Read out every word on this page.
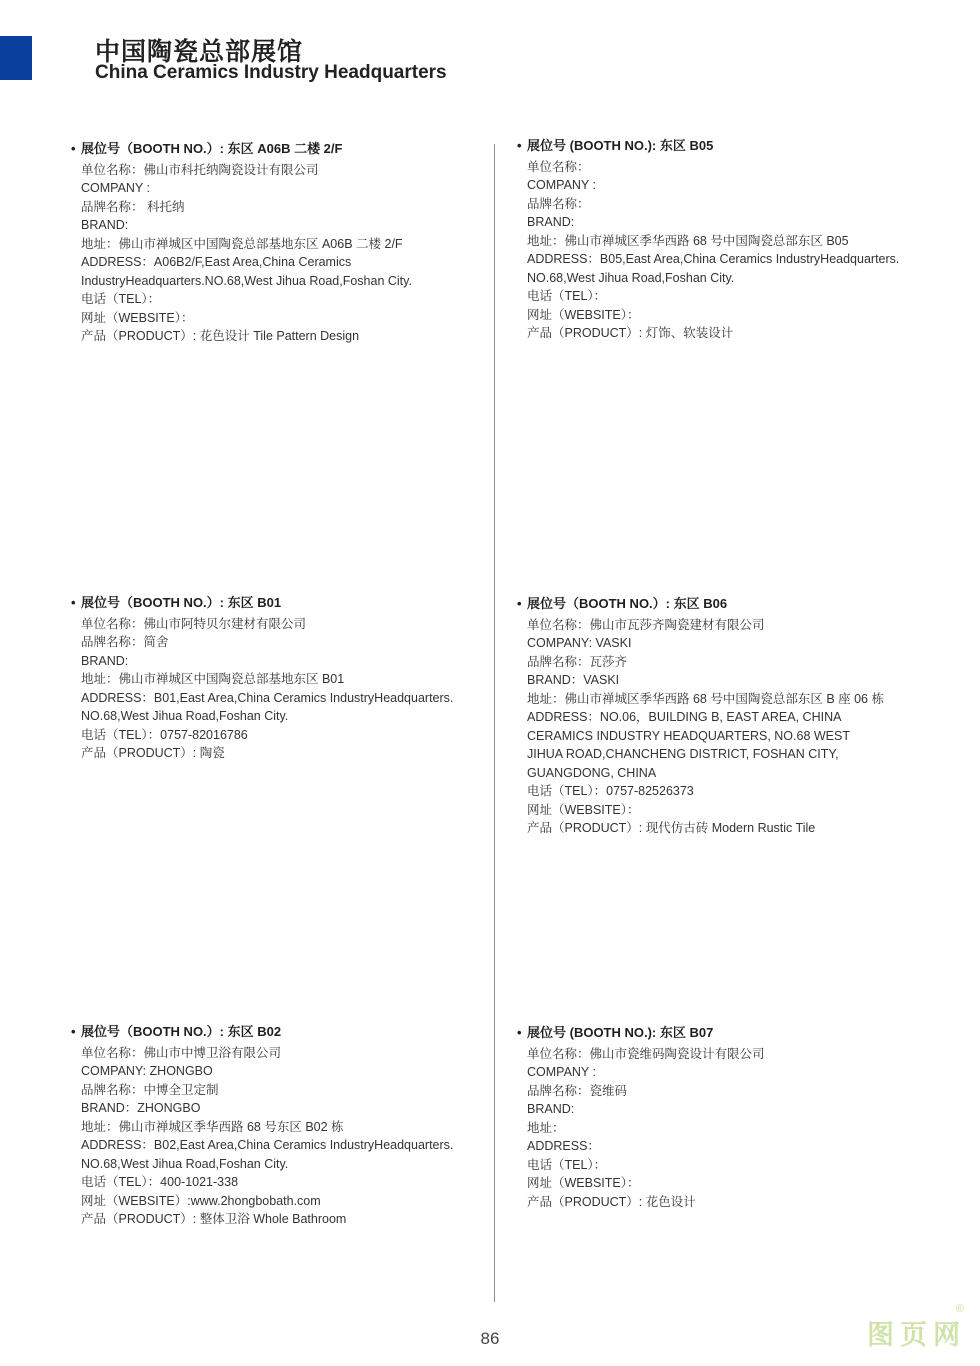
中国陶瓷总部展馆
China Ceramics Industry Headquarters
• 展位号（BOOTH NO.）: 东区 A06B 二楼 2/F
单位名称：佛山市科托纳陶瓷设计有限公司
COMPANY :
品牌名称： 科托纳
BRAND:
地址：佛山市禅城区中国陶瓷总部基地东区 A06B 二楼 2/F
ADDRESS：A06B2/F,East Area,China Ceramics IndustryHeadquarters.NO.68,West Jihua Road,Foshan City.
电话（TEL）：
网址（WEBSITE）：
产品（PRODUCT）: 花色设计 Tile Pattern Design
• 展位号 (BOOTH NO.): 东区 B05
单位名称：
COMPANY :
品牌名称：
BRAND:
地址：佛山市禅城区季华西路 68 号中国陶瓷总部东区 B05
ADDRESS：B05,East Area,China Ceramics IndustryHeadquarters. NO.68,West Jihua Road,Foshan City.
电话（TEL）：
网址（WEBSITE）：
产品（PRODUCT）: 灯饰、软装设计
• 展位号（BOOTH NO.）: 东区 B01
单位名称：佛山市阿特贝尔建材有限公司
品牌名称：简舍
BRAND:
地址：佛山市禅城区中国陶瓷总部基地东区 B01
ADDRESS：B01,East Area,China Ceramics IndustryHeadquarters. NO.68,West Jihua Road,Foshan City.
电话（TEL）：0757-82016786
产品（PRODUCT）: 陶瓷
• 展位号（BOOTH NO.）: 东区 B06
单位名称：佛山市瓦莎齐陶瓷建材有限公司
COMPANY: VASKI
品牌名称：瓦莎齐
BRAND：VASKI
地址：佛山市禅城区季华西路 68 号中国陶瓷总部东区 B 座 06 栋
ADDRESS：NO.06，BUILDING B, EAST AREA, CHINA CERAMICS INDUSTRY HEADQUARTERS, NO.68 WEST JIHUA ROAD,CHANCHENG DISTRICT, FOSHAN CITY, GUANGDONG, CHINA
电话（TEL）：0757-82526373
网址（WEBSITE）：
产品（PRODUCT）: 现代仿古砖 Modern Rustic Tile
• 展位号（BOOTH NO.）: 东区 B02
单位名称：佛山市中博卫浴有限公司
COMPANY: ZHONGBO
品牌名称：中博全卫定制
BRAND：ZHONGBO
地址：佛山市禅城区季华西路 68 号东区 B02 栋
ADDRESS：B02,East Area,China Ceramics IndustryHeadquarters. NO.68,West Jihua Road,Foshan City.
电话（TEL）：400-1021-338
网址（WEBSITE）:www.2hongbobath.com
产品（PRODUCT）: 整体卫浴 Whole Bathroom
• 展位号 (BOOTH NO.): 东区 B07
单位名称：佛山市瓷维码陶瓷设计有限公司
COMPANY :
品牌名称：瓷维码
BRAND:
地址：
ADDRESS：
电话（TEL）：
网址（WEBSITE）：
产品（PRODUCT）: 花色设计
86	图 页 网
®
